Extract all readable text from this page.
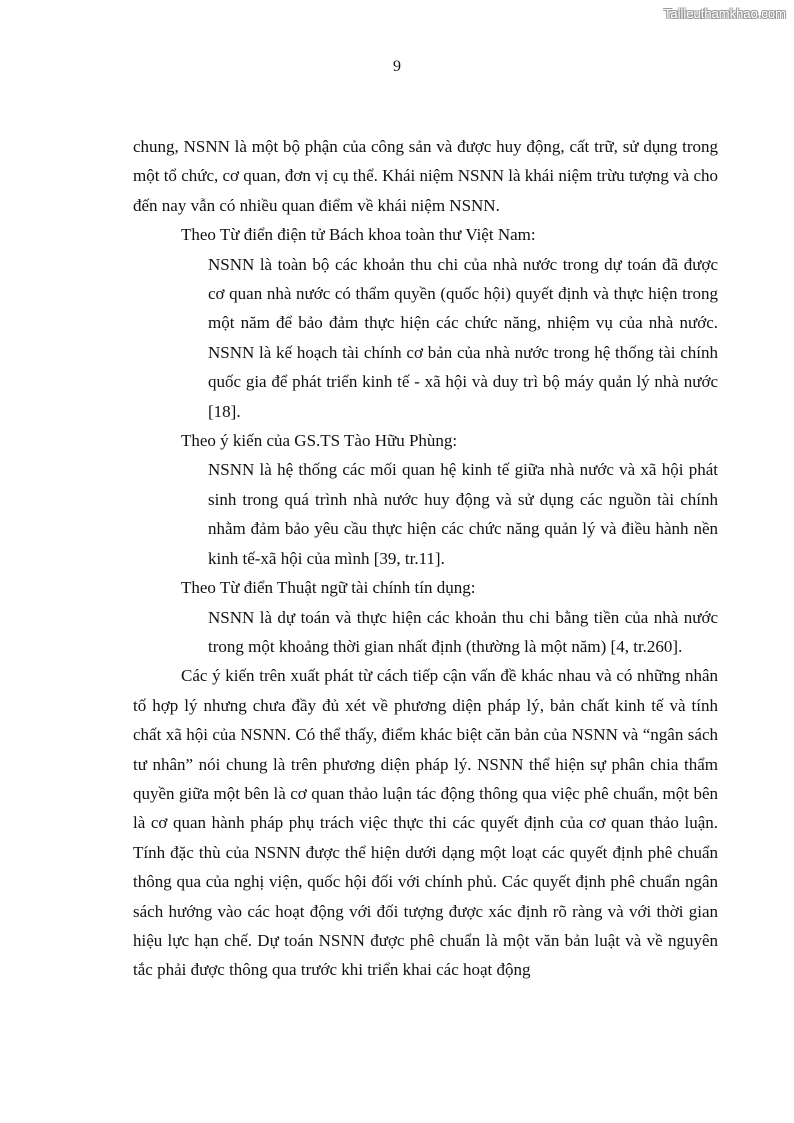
Tailieuthamkhao.com
9

chung, NSNN là một bộ phận của công sản và được huy động, cất trữ, sử dụng trong một tổ chức, cơ quan, đơn vị cụ thể. Khái niệm NSNN là khái niệm trừu tượng và cho đến nay vẫn có nhiều quan điểm về khái niệm NSNN.

Theo Từ điển điện tử Bách khoa toàn thư Việt Nam:

NSNN là toàn bộ các khoản thu chi của nhà nước trong dự toán đã được cơ quan nhà nước có thẩm quyền (quốc hội) quyết định và thực hiện trong một năm để bảo đảm thực hiện các chức năng, nhiệm vụ của nhà nước. NSNN là kế hoạch tài chính cơ bản của nhà nước trong hệ thống tài chính quốc gia để phát triển kinh tế - xã hội và duy trì bộ máy quản lý nhà nước [18].

Theo ý kiến của GS.TS Tào Hữu Phùng:

NSNN là hệ thống các mối quan hệ kinh tế giữa nhà nước và xã hội phát sinh trong quá trình nhà nước huy động và sử dụng các nguồn tài chính nhằm đảm bảo yêu cầu thực hiện các chức năng quản lý và điều hành nền kinh tế-xã hội của mình [39, tr.11].

Theo Từ điển Thuật ngữ tài chính tín dụng:

NSNN là dự toán và thực hiện các khoản thu chi bằng tiền của nhà nước trong một khoảng thời gian nhất định (thường là một năm) [4, tr.260].

Các ý kiến trên xuất phát từ cách tiếp cận vấn đề khác nhau và có những nhân tố hợp lý nhưng chưa đầy đủ xét về phương diện pháp lý, bản chất kinh tế và tính chất xã hội của NSNN. Có thể thấy, điểm khác biệt căn bản của NSNN và “ngân sách tư nhân” nói chung là trên phương diện pháp lý. NSNN thể hiện sự phân chia thẩm quyền giữa một bên là cơ quan thảo luận tác động thông qua việc phê chuẩn, một bên là cơ quan hành pháp phụ trách việc thực thi các quyết định của cơ quan thảo luận. Tính đặc thù của NSNN được thể hiện dưới dạng một loạt các quyết định phê chuẩn thông qua của nghị viện, quốc hội đối với chính phủ. Các quyết định phê chuẩn ngân sách hướng vào các hoạt động với đối tượng được xác định rõ ràng và với thời gian hiệu lực hạn chế. Dự toán NSNN được phê chuẩn là một văn bản luật và về nguyên tắc phải được thông qua trước khi triển khai các hoạt động
